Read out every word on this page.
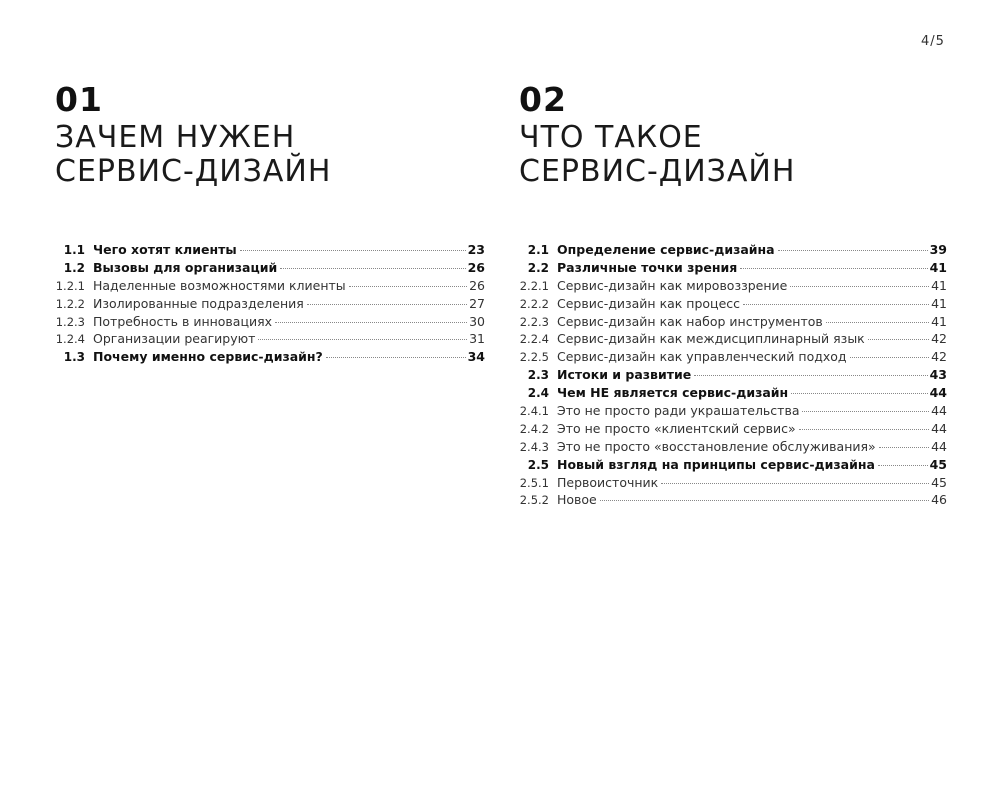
4/5
01
ЗАЧЕМ НУЖЕН
СЕРВИС-ДИЗАЙН
02
ЧТО ТАКОЕ
СЕРВИС-ДИЗАЙН
1.1 Чего хотят клиенты	23
1.2 Вызовы для организаций	26
1.2.1 Наделенные возможностями клиенты	26
1.2.2 Изолированные подразделения	27
1.2.3 Потребность в инновациях	30
1.2.4 Организации реагируют	31
1.3 Почему именно сервис-дизайн?	34
2.1 Определение сервис-дизайна	39
2.2 Различные точки зрения	41
2.2.1 Сервис-дизайн как мировоззрение	41
2.2.2 Сервис-дизайн как процесс	41
2.2.3 Сервис-дизайн как набор инструментов	41
2.2.4 Сервис-дизайн как междисциплинарный язык	42
2.2.5 Сервис-дизайн как управленческий подход	42
2.3 Истоки и развитие	43
2.4 Чем НЕ является сервис-дизайн	44
2.4.1 Это не просто ради украшательства	44
2.4.2 Это не просто «клиентский сервис»	44
2.4.3 Это не просто «восстановление обслуживания»	44
2.5 Новый взгляд на принципы сервис-дизайна	45
2.5.1 Первоисточник	45
2.5.2 Новое	46
